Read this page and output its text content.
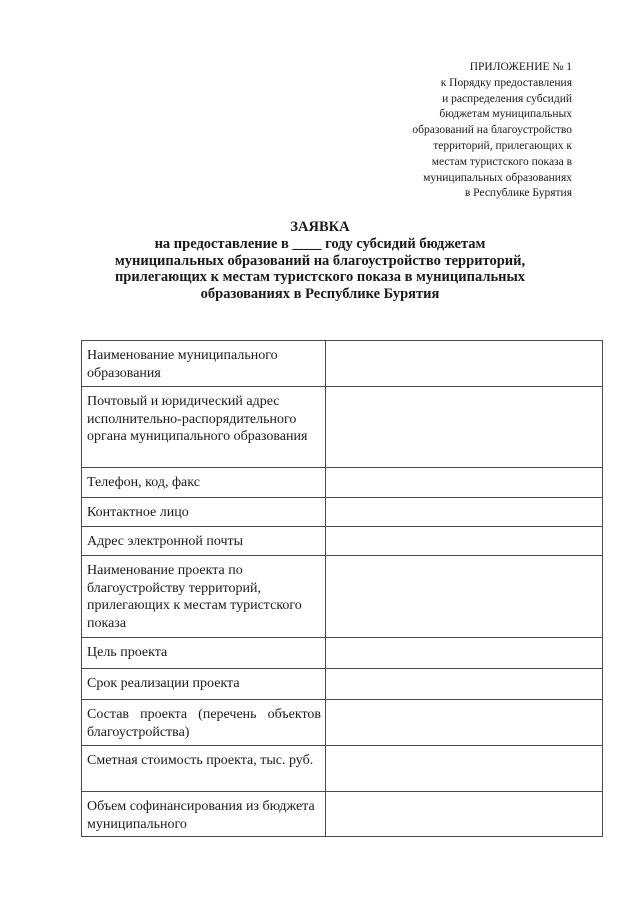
ПРИЛОЖЕНИЕ № 1
к Порядку предоставления
и распределения субсидий
бюджетам муниципальных
образований на благоустройство
территорий, прилегающих к
местам туристского показа в
муниципальных образованиях
в Республике Бурятия
ЗАЯВКА
на предоставление в ____ году субсидий бюджетам
муниципальных образований на благоустройство территорий,
прилегающих к местам туристского показа в муниципальных
образованиях в Республике Бурятия
Наименование муниципального образования	
Почтовый и юридический адрес исполнительно-распорядительного органа муниципального образования	
Телефон, код, факс	
Контактное лицо	
Адрес электронной почты	
Наименование проекта по благоустройству территорий, прилегающих к местам туристского показа	
Цель проекта	
Срок реализации проекта	
Состав проекта (перечень объектов благоустройства)	
Сметная стоимость проекта, тыс. руб.	
Объем софинансирования из бюджета муниципального	
